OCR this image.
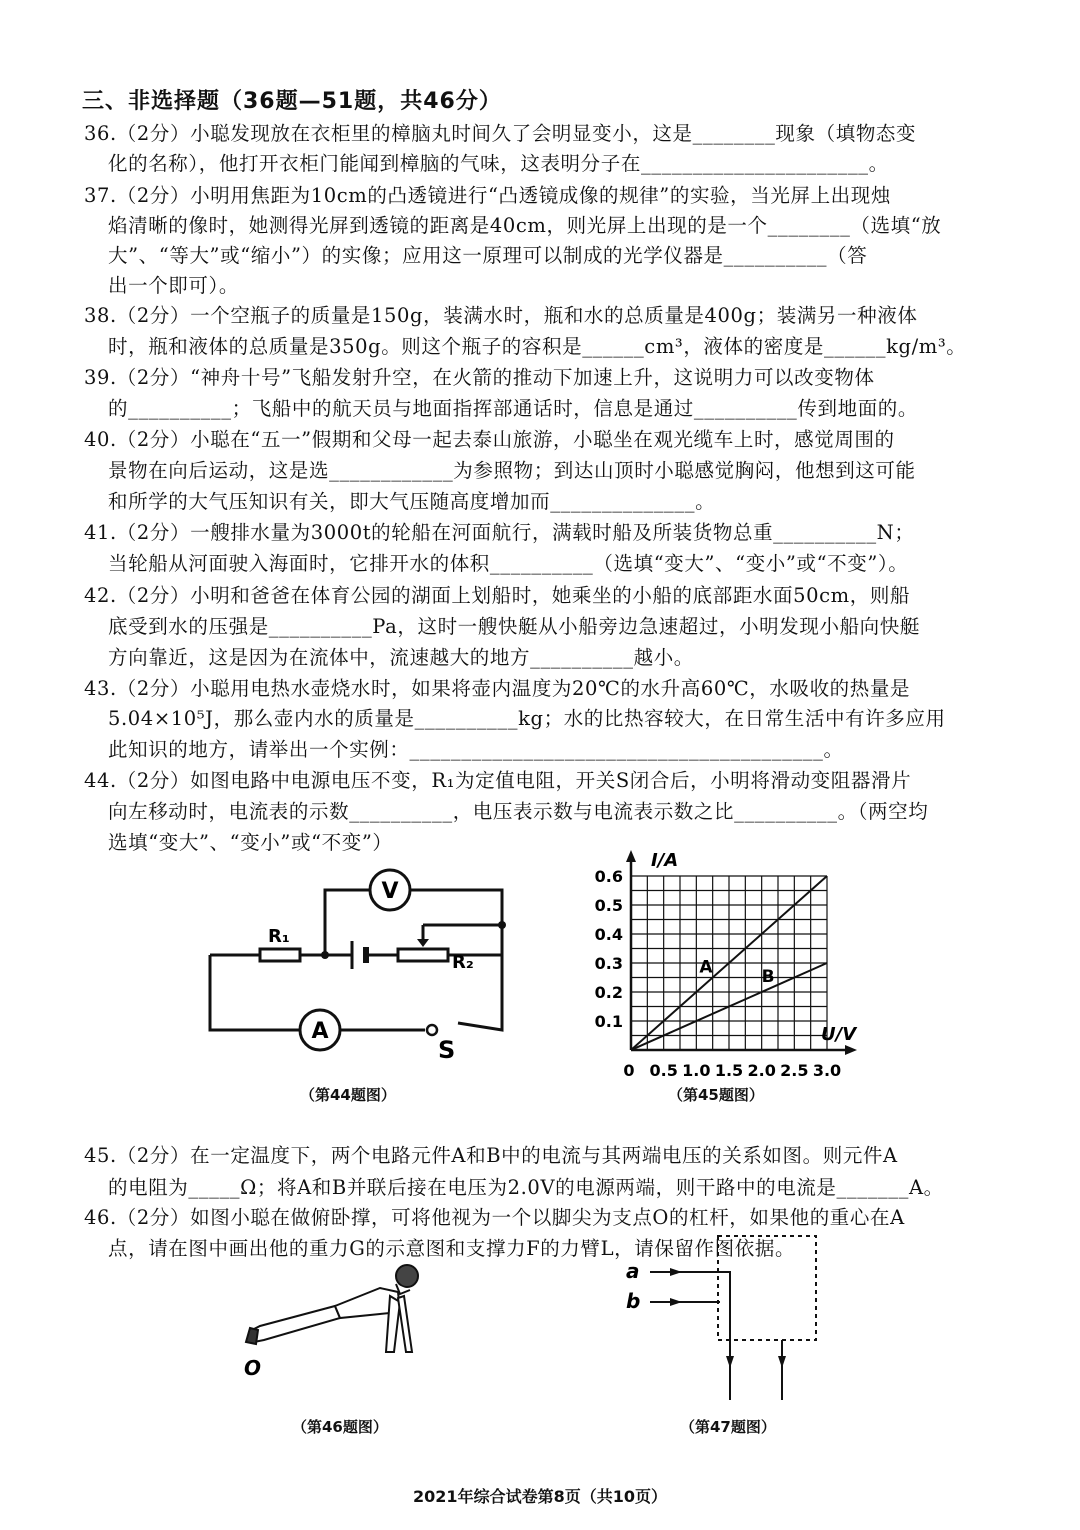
三、非选择题（36题—51题，共46分）
36.（2分）小聪发现放在衣柜里的樟脑丸时间久了会明显变小，这是________现象（填物态变
化的名称），他打开衣柜门能闻到樟脑的气味，这表明分子在______________________。
37.（2分）小明用焦距为10cm的凸透镜进行“凸透镜成像的规律”的实验，当光屏上出现烛
焰清晰的像时，她测得光屏到透镜的距离是40cm，则光屏上出现的是一个________（选填“放
大”、“等大”或“缩小”）的实像；应用这一原理可以制成的光学仪器是__________（答
出一个即可）。
38.（2分）一个空瓶子的质量是150g，装满水时，瓶和水的总质量是400g；装满另一种液体
时，瓶和液体的总质量是350g。则这个瓶子的容积是______cm³，液体的密度是______kg/m³。
39.（2分）“神舟十号”飞船发射升空，在火箭的推动下加速上升，这说明力可以改变物体
的__________；飞船中的航天员与地面指挥部通话时，信息是通过__________传到地面的。
40.（2分）小聪在“五一”假期和父母一起去泰山旅游，小聪坐在观光缆车上时，感觉周围的
景物在向后运动，这是选____________为参照物；到达山顶时小聪感觉胸闷，他想到这可能
和所学的大气压知识有关，即大气压随高度增加而______________。
41.（2分）一艘排水量为3000t的轮船在河面航行，满载时船及所装货物总重__________N；
当轮船从河面驶入海面时，它排开水的体积__________（选填“变大”、“变小”或“不变”）。
42.（2分）小明和爸爸在体育公园的湖面上划船时，她乘坐的小船的底部距水面50cm，则船
底受到水的压强是__________Pa，这时一艘快艇从小船旁边急速超过，小明发现小船向快艇
方向靠近，这是因为在流体中，流速越大的地方__________越小。
43.（2分）小聪用电热水壶烧水时，如果将壶内温度为20℃的水升高60℃，水吸收的热量是
5.04×10⁵J，那么壶内水的质量是__________kg；水的比热容较大，在日常生活中有许多应用
此知识的地方，请举出一个实例：________________________________________。
44.（2分）如图电路中电源电压不变，R₁为定值电阻，开关S闭合后，小明将滑动变阻器滑片
向左移动时，电流表的示数__________，电压表示数与电流表示数之比__________。（两空均
选填“变大”、“变小”或“不变”）
45.（2分）在一定温度下，两个电路元件A和B中的电流与其两端电压的关系如图。则元件A
的电阻为_____Ω；将A和B并联后接在电压为2.0V的电源两端，则干路中的电流是_______A。
46.（2分）如图小聪在做俯卧撑，可将他视为一个以脚尖为支点O的杠杆，如果他的重心在A
点，请在图中画出他的重力G的示意图和支撑力F的力臂L，请保留作图依据。
V
A
R₁
R₂
S
（第44题图）
I/A
U/V
0 0.5 1.0 1.5 2.0 2.5 3.0
0.1
0.2
0.3
0.4
0.5
0.6
A	B
（第45题图）
O
（第46题图）
a
b
（第47题图）
2021年综合试卷第8页（共10页）
